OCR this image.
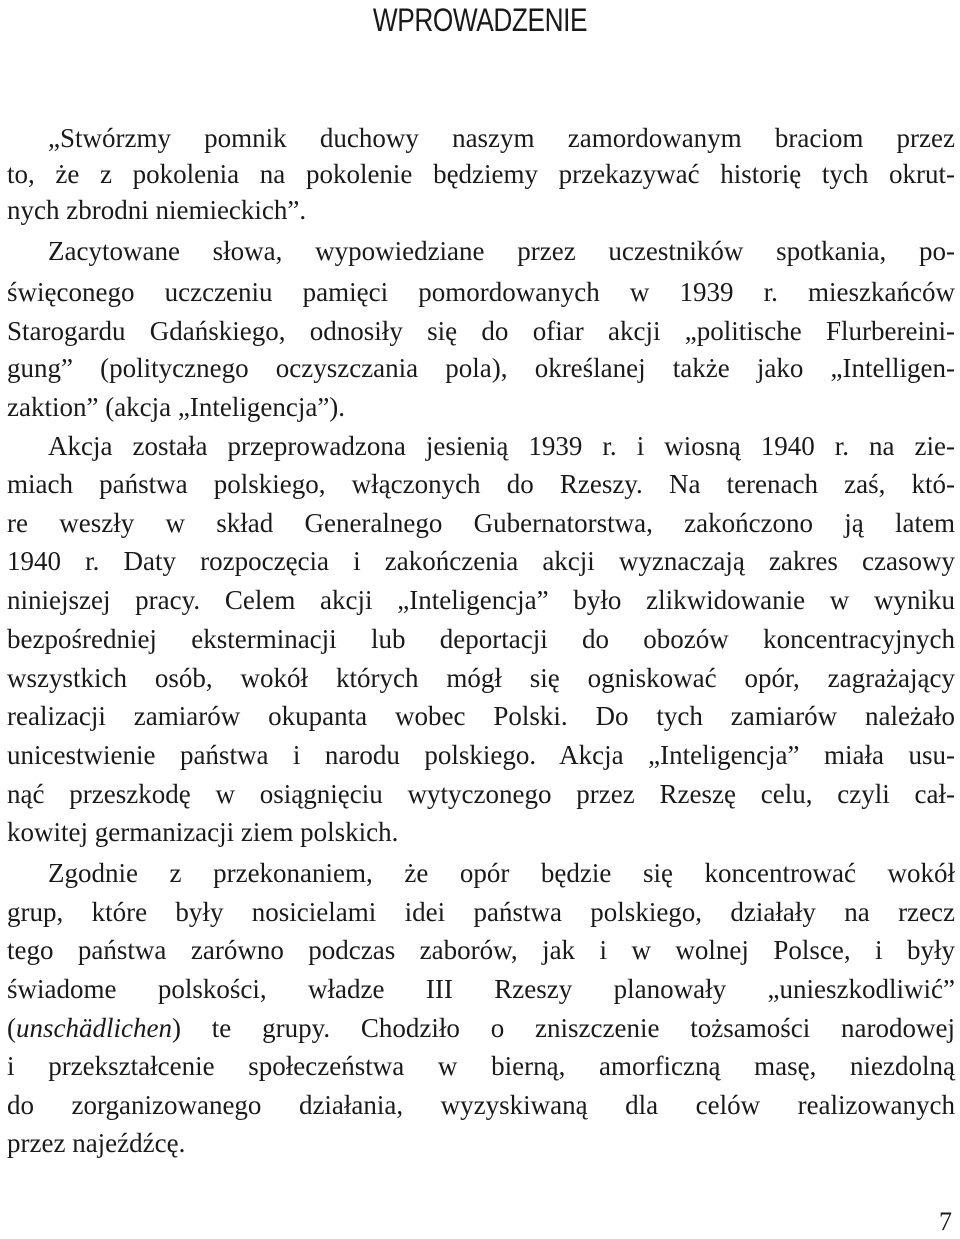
WPROWADZENIE
„Stwórzmy pomnik duchowy naszym zamordowanym braciom przez
to, że z pokolenia na pokolenie będziemy przekazywać historię tych okrut-
nych zbrodni niemieckich”.
Zacytowane słowa, wypowiedziane przez uczestników spotkania, po-
święconego uczczeniu pamięci pomordowanych w 1939 r. mieszkańców
Starogardu Gdańskiego, odnosiły się do ofiar akcji „politische Flurbereini-
gung” (politycznego oczyszczania pola), określanej także jako „Intelligen-
zaktion” (akcja „Inteligencja”).
Akcja została przeprowadzona jesienią 1939 r. i wiosną 1940 r. na zie-
miach państwa polskiego, włączonych do Rzeszy. Na terenach zaś, któ-
re weszły w skład Generalnego Gubernatorstwa, zakończono ją latem
1940 r. Daty rozpoczęcia i zakończenia akcji wyznaczają zakres czasowy
niniejszej pracy. Celem akcji „Inteligencja” było zlikwidowanie w wyniku
bezpośredniej eksterminacji lub deportacji do obozów koncentracyjnych
wszystkich osób, wokół których mógł się ogniskować opór, zagrażający
realizacji zamiarów okupanta wobec Polski. Do tych zamiarów należało
unicestwienie państwa i narodu polskiego. Akcja „Inteligencja” miała usu-
nąć przeszkodę w osiągnięciu wytyczonego przez Rzeszę celu, czyli cał-
kowitej germanizacji ziem polskich.
Zgodnie z przekonaniem, że opór będzie się koncentrować wokół
grup, które były nosicielami idei państwa polskiego, działały na rzecz
tego państwa zarówno podczas zaborów, jak i w wolnej Polsce, i były
świadome polskości, władze III Rzeszy planowały „unieszkodliwić”
(unschädlichen) te grupy. Chodziło o zniszczenie tożsamości narodowej
i przekształcenie społeczeństwa w bierną, amorficzną masę, niezdolną
do zorganizowanego działania, wyzyskiwaną dla celów realizowanych
przez najeźdźcę.
7
